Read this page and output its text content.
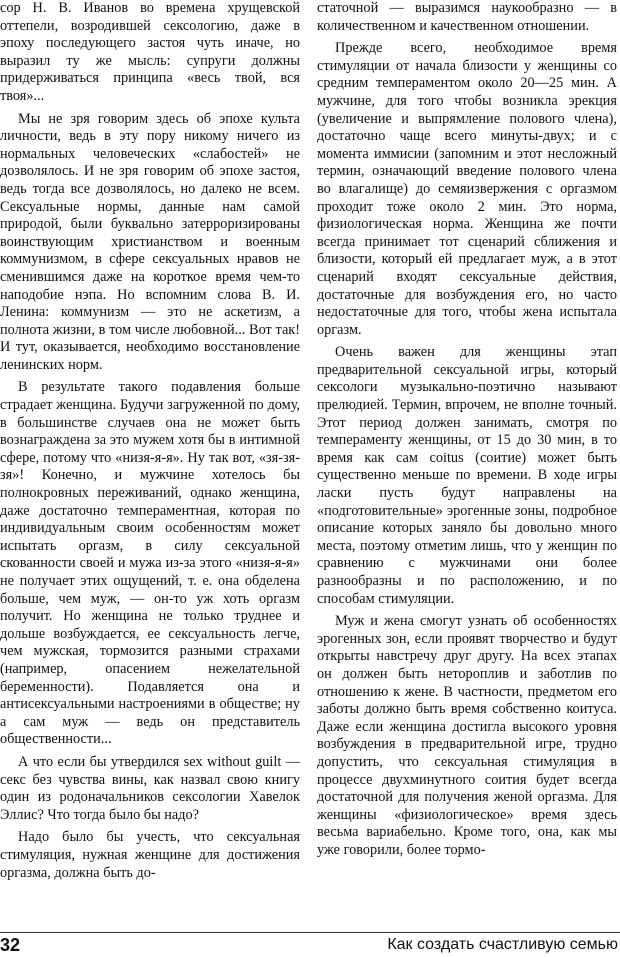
сор Н. В. Иванов во времена хрущевской оттепели, возродившей сексологию, даже в эпоху последующего застоя чуть иначе, но выразил ту же мысль: супруги должны придерживаться принципа «весь твой, вся твоя»...

Мы не зря говорим здесь об эпохе культа личности, ведь в эту пору никому ничего из нормальных человеческих «слабостей» не дозволялось. И не зря говорим об эпохе застоя, ведь тогда все дозволялось, но далеко не всем. Сексуальные нормы, данные нам самой природой, были буквально затерроризированы воинствующим христианством и военным коммунизмом, в сфере сексуальных нравов не сменившимся даже на короткое время чем-то наподобие нэпа. Но вспомним слова В. И. Ленина: коммунизм — это не аскетизм, а полнота жизни, в том числе любовной... Вот так! И тут, оказывается, необходимо восстановление ленинских норм.

В результате такого подавления больше страдает женщина. Будучи загруженной по дому, в большинстве случаев она не может быть вознаграждена за это мужем хотя бы в интимной сфере, потому что «низя-я-я». Ну так вот, «зя-зя-зя»! Конечно, и мужчине хотелось бы полнокровных переживаний, однако женщина, даже достаточно темпераментная, которая по индивидуальным своим особенностям может испытать оргазм, в силу сексуальной скованности своей и мужа из-за этого «низя-я-я» не получает этих ощущений, т. е. она обделена больше, чем муж, — он-то уж хоть оргазм получит. Но женщина не только труднее и дольше возбуждается, ее сексуальность легче, чем мужская, тормозится разными страхами (например, опасением нежелательной беременности). Подавляется она и антисексуальными настроениями в обществе; ну а сам муж — ведь он представитель общественности...

А что если бы утвердился sex without guilt — секс без чувства вины, как назвал свою книгу один из родоначальников сексологии Хавелок Эллис? Что тогда было бы надо?

Надо было бы учесть, что сексуальная стимуляция, нужная женщине для достижения оргазма, должна быть до-

статочной — выразимся наукообразно — в количественном и качественном отношении.

Прежде всего, необходимое время стимуляции от начала близости у женщины со средним темпераментом около 20—25 мин. А мужчине, для того чтобы возникла эрекция (увеличение и выпрямление полового члена), достаточно чаще всего минуты-двух; и с момента иммисии (запомним и этот несложный термин, означающий введение полового члена во влагалище) до семяизвержения с оргазмом проходит тоже около 2 мин. Это норма, физиологическая норма. Женщина же почти всегда принимает тот сценарий сближения и близости, который ей предлагает муж, а в этот сценарий входят сексуальные действия, достаточные для возбуждения его, но часто недостаточные для того, чтобы жена испытала оргазм.

Очень важен для женщины этап предварительной сексуальной игры, который сексологи музыкально-поэтично называют прелюдией. Термин, впрочем, не вполне точный. Этот период должен занимать, смотря по темпераменту женщины, от 15 до 30 мин, в то время как сам coitus (соитие) может быть существенно меньше по времени. В ходе игры ласки пусть будут направлены на «подготовительные» эрогенные зоны, подробное описание которых заняло бы довольно много места, поэтому отметим лишь, что у женщин по сравнению с мужчинами они более разнообразны и по расположению, и по способам стимуляции.

Муж и жена смогут узнать об особенностях эрогенных зон, если проявят творчество и будут открыты навстречу друг другу. На всех этапах он должен быть нетороплив и заботлив по отношению к жене. В частности, предметом его заботы должно быть время собственно коитуса. Даже если женщина достигла высокого уровня возбуждения в предварительной игре, трудно допустить, что сексуальная стимуляция в процессе двухминутного соития будет всегда достаточной для получения женой оргазма. Для женщины «физиологическое» время здесь весьма вариабельно. Кроме того, она, как мы уже говорили, более тормо-

32	Как создать счастливую семью
